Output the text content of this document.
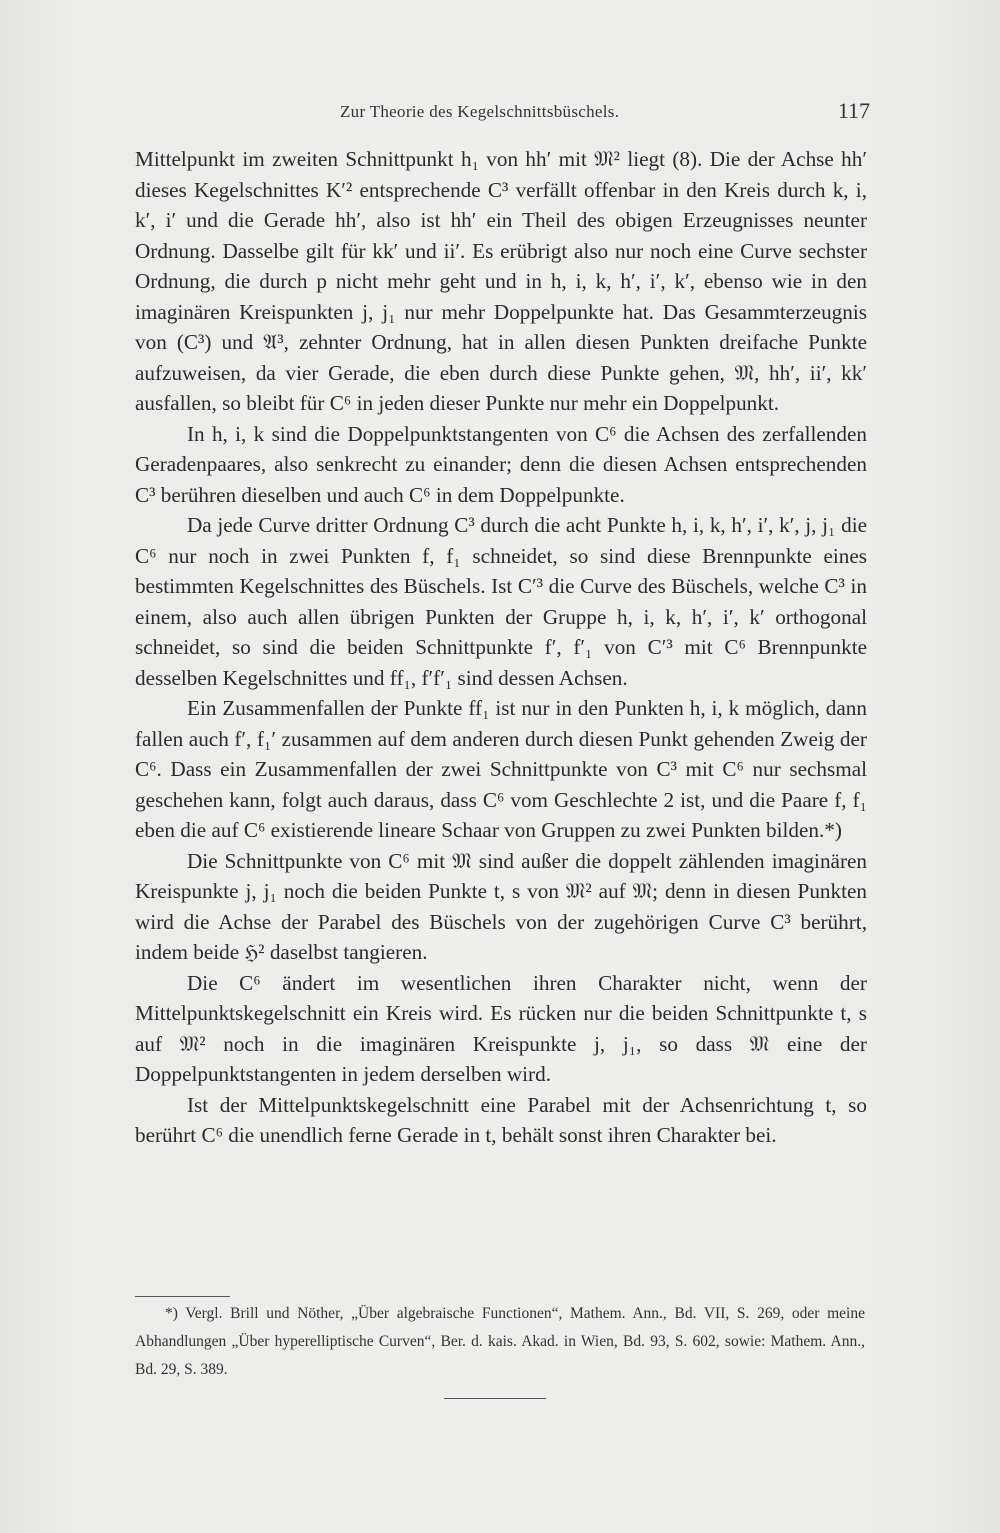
Zur Theorie des Kegelschnittsbüschels.	117

Mittelpunkt im zweiten Schnittpunkt h₁ von hh′ mit 𝔐² liegt (8). Die der Achse hh′ dieses Kegelschnittes K′² entsprechende C³ verfällt offenbar in den Kreis durch k, i, k′, i′ und die Gerade hh′, also ist hh′ ein Theil des obigen Erzeugnisses neunter Ordnung. Dasselbe gilt für kk′ und ii′. Es erübrigt also nur noch eine Curve sechster Ordnung, die durch p nicht mehr geht und in h, i, k, h′, i′, k′, ebenso wie in den imaginären Kreispunkten j, j₁ nur mehr Doppelpunkte hat. Das Gesammterzeugnis von (C³) und 𝔄³, zehnter Ordnung, hat in allen diesen Punkten dreifache Punkte aufzuweisen, da vier Gerade, die eben durch diese Punkte gehen, 𝔐, hh′, ii′, kk′ ausfallen, so bleibt für C⁶ in jeden dieser Punkte nur mehr ein Doppelpunkt.

In h, i, k sind die Doppelpunktstangenten von C⁶ die Achsen des zerfallenden Geradenpaares, also senkrecht zu einander; denn die diesen Achsen entsprechenden C³ berühren dieselben und auch C⁶ in dem Doppelpunkte.

Da jede Curve dritter Ordnung C³ durch die acht Punkte h, i, k, h′, i′, k′, j, j₁ die C⁶ nur noch in zwei Punkten f, f₁ schneidet, so sind diese Brennpunkte eines bestimmten Kegelschnittes des Büschels. Ist C′³ die Curve des Büschels, welche C³ in einem, also auch allen übrigen Punkten der Gruppe h, i, k, h′, i′, k′ orthogonal schneidet, so sind die beiden Schnittpunkte f′, f′₁ von C′³ mit C⁶ Brennpunkte desselben Kegelschnittes und ff₁, f′f′₁ sind dessen Achsen.

Ein Zusammenfallen der Punkte ff₁ ist nur in den Punkten h, i, k möglich, dann fallen auch f′, f₁′ zusammen auf dem anderen durch diesen Punkt gehenden Zweig der C⁶. Dass ein Zusammenfallen der zwei Schnittpunkte von C³ mit C⁶ nur sechsmal geschehen kann, folgt auch daraus, dass C⁶ vom Geschlechte 2 ist, und die Paare f, f₁ eben die auf C⁶ existierende lineare Schaar von Gruppen zu zwei Punkten bilden.*)

Die Schnittpunkte von C⁶ mit 𝔐 sind außer die doppelt zählenden imaginären Kreispunkte j, j₁ noch die beiden Punkte t, s von 𝔐² auf 𝔐; denn in diesen Punkten wird die Achse der Parabel des Büschels von der zugehörigen Curve C³ berührt, indem beide ℌ² daselbst tangieren.

Die C⁶ ändert im wesentlichen ihren Charakter nicht, wenn der Mittelpunktskegelschnitt ein Kreis wird. Es rücken nur die beiden Schnittpunkte t, s auf 𝔐² noch in die imaginären Kreispunkte j, j₁, so dass 𝔐 eine der Doppelpunktstangenten in jedem derselben wird.

Ist der Mittelpunktskegelschnitt eine Parabel mit der Achsenrichtung t, so berührt C⁶ die unendlich ferne Gerade in t, behält sonst ihren Charakter bei.

*) Vergl. Brill und Nöther, „Über algebraische Functionen“, Mathem. Ann., Bd. VII, S. 269, oder meine Abhandlungen „Über hyperelliptische Curven“, Ber. d. kais. Akad. in Wien, Bd. 93, S. 602, sowie: Mathem. Ann., Bd. 29, S. 389.
